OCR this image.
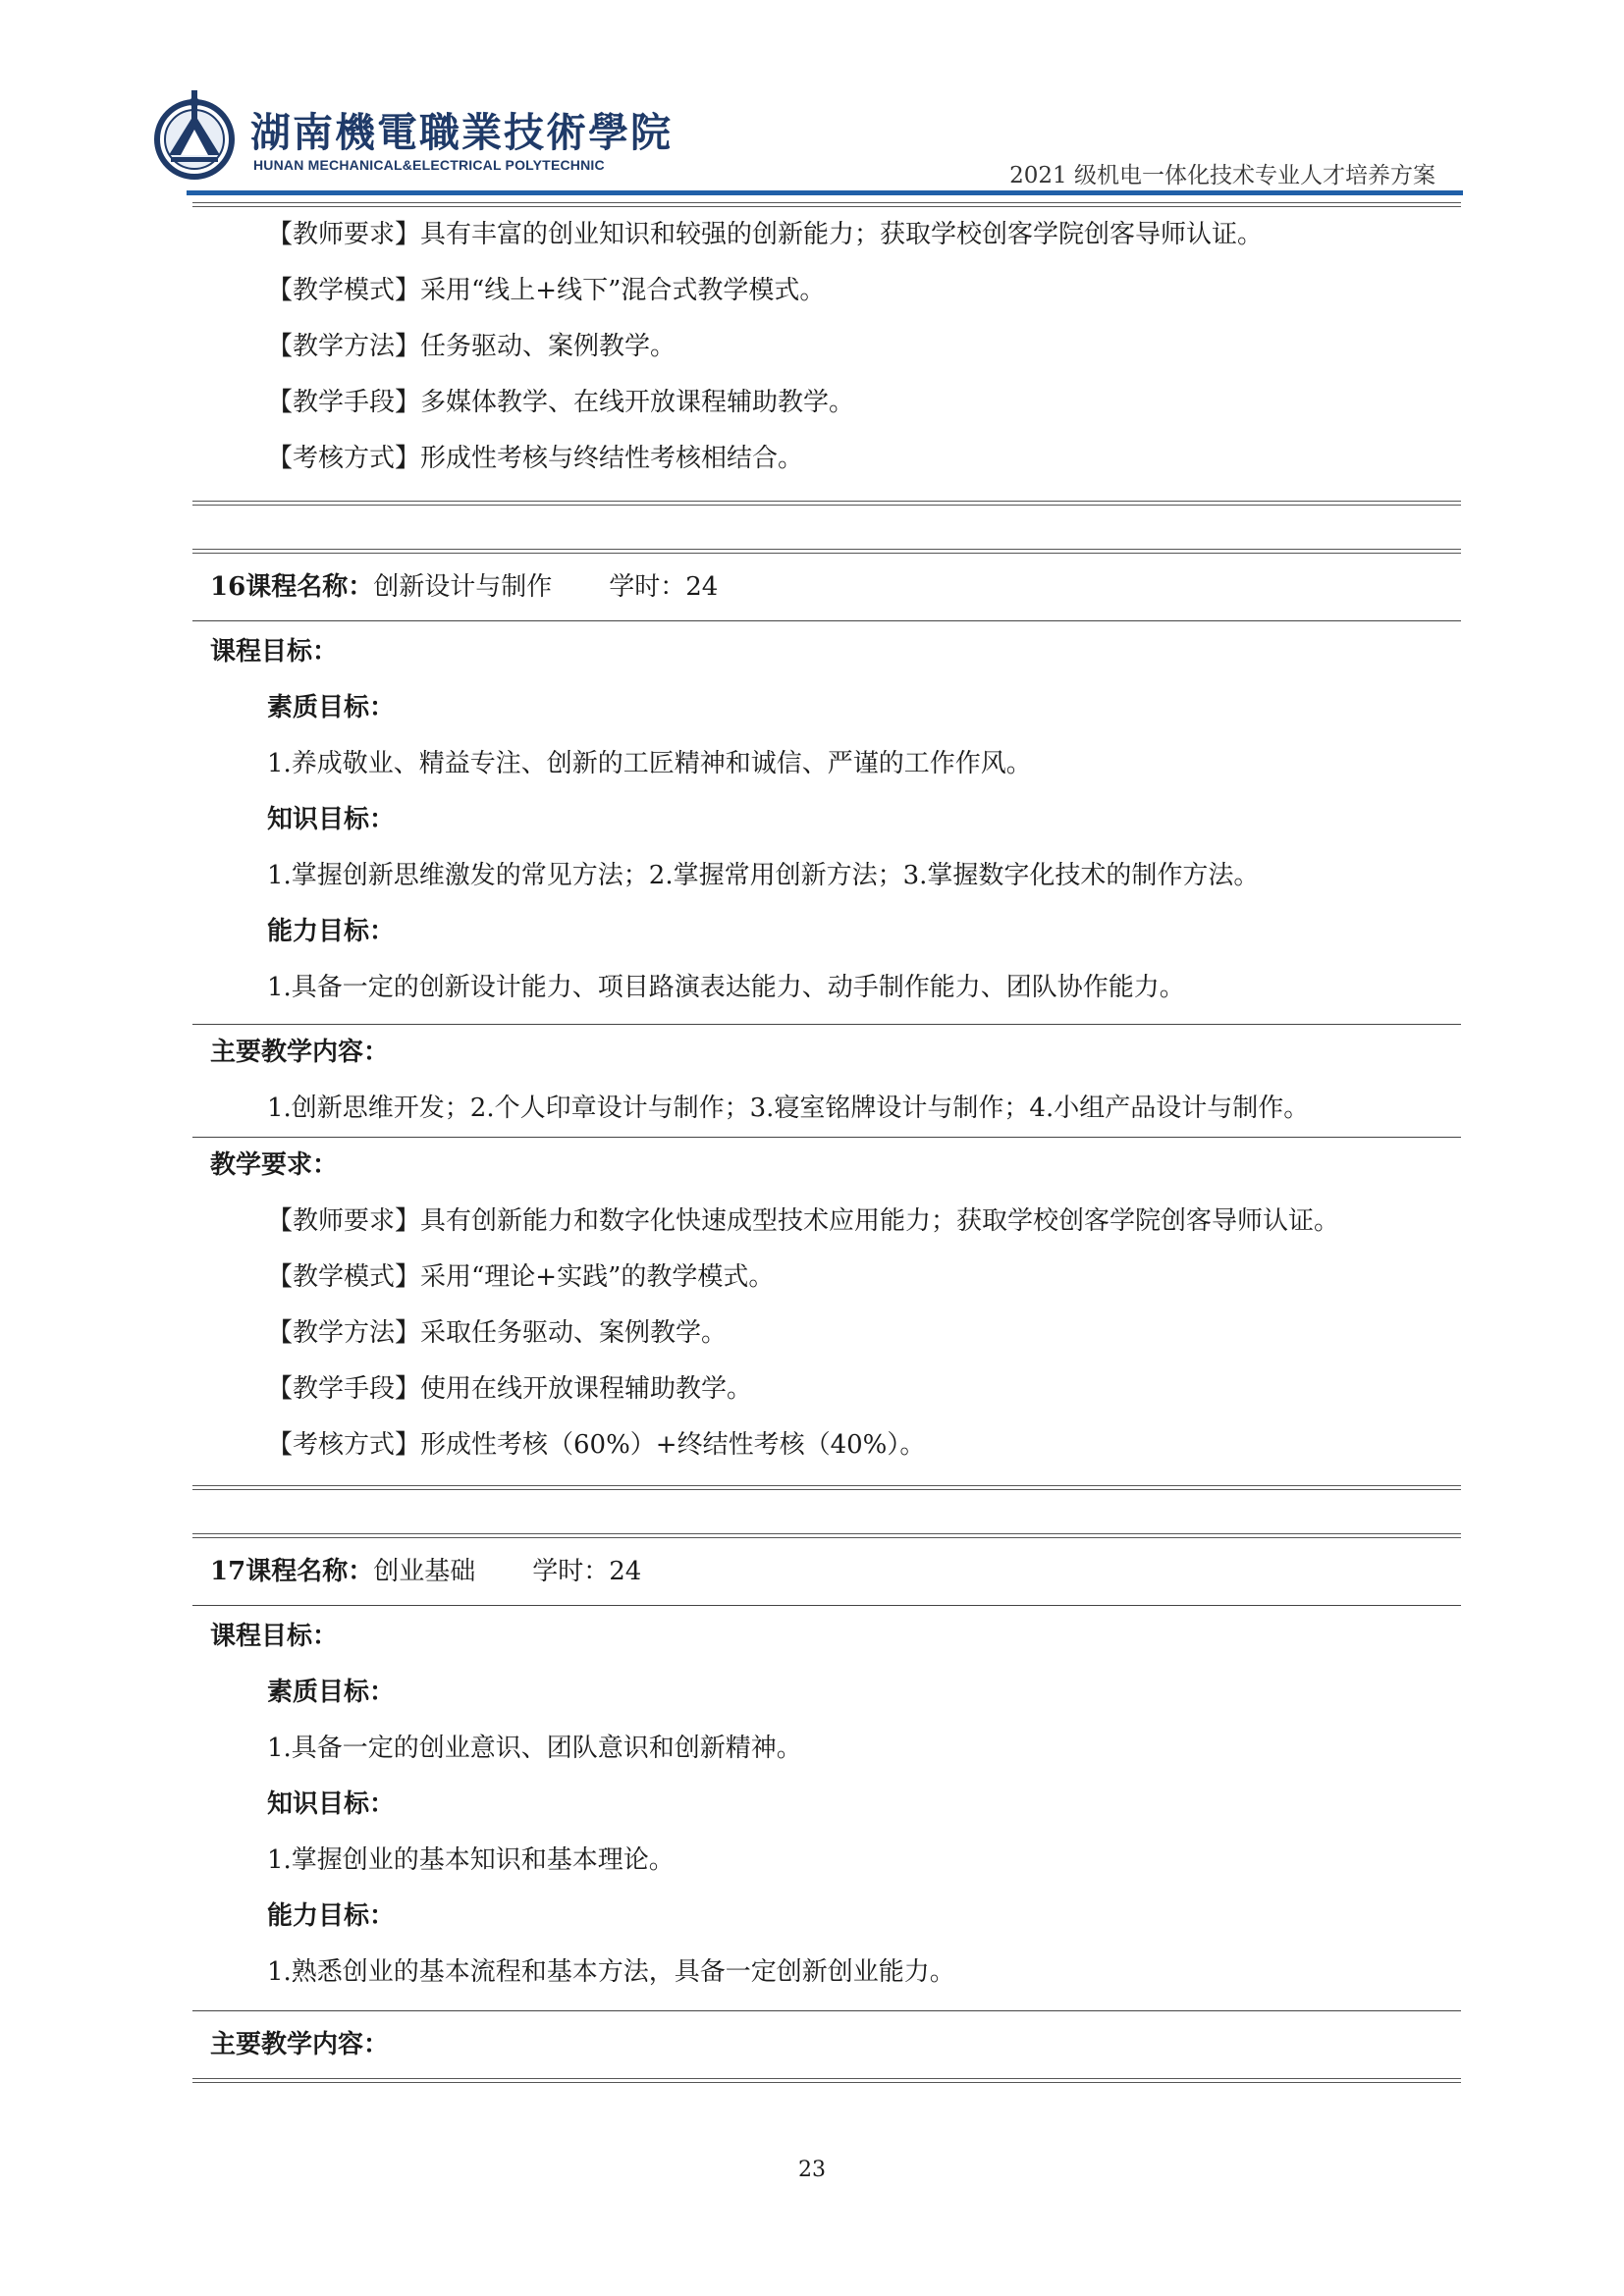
湖南機電職業技術學院
HUNAN MECHANICAL&ELECTRICAL POLYTECHNIC	2021 级机电一体化技术专业人才培养方案
【教师要求】具有丰富的创业知识和较强的创新能力；获取学校创客学院创客导师认证。
【教学模式】采用“线上+线下”混合式教学模式。
【教学方法】任务驱动、案例教学。
【教学手段】多媒体教学、在线开放课程辅助教学。
【考核方式】形成性考核与终结性考核相结合。
16课程名称：创新设计与制作 学时：24
课程目标：
素质目标：
1.养成敬业、精益专注、创新的工匠精神和诚信、严谨的工作作风。
知识目标：
1.掌握创新思维激发的常见方法；2.掌握常用创新方法；3.掌握数字化技术的制作方法。
能力目标：
1.具备一定的创新设计能力、项目路演表达能力、动手制作能力、团队协作能力。
主要教学内容：
1.创新思维开发；2.个人印章设计与制作；3.寝室铭牌设计与制作；4.小组产品设计与制作。
教学要求：
【教师要求】具有创新能力和数字化快速成型技术应用能力；获取学校创客学院创客导师认证。
【教学模式】采用“理论+实践”的教学模式。
【教学方法】采取任务驱动、案例教学。
【教学手段】使用在线开放课程辅助教学。
【考核方式】形成性考核（60%）+终结性考核（40%）。
17课程名称：创业基础 学时：24
课程目标：
素质目标：
1.具备一定的创业意识、团队意识和创新精神。
知识目标：
1.掌握创业的基本知识和基本理论。
能力目标：
1.熟悉创业的基本流程和基本方法，具备一定创新创业能力。
主要教学内容：
23
